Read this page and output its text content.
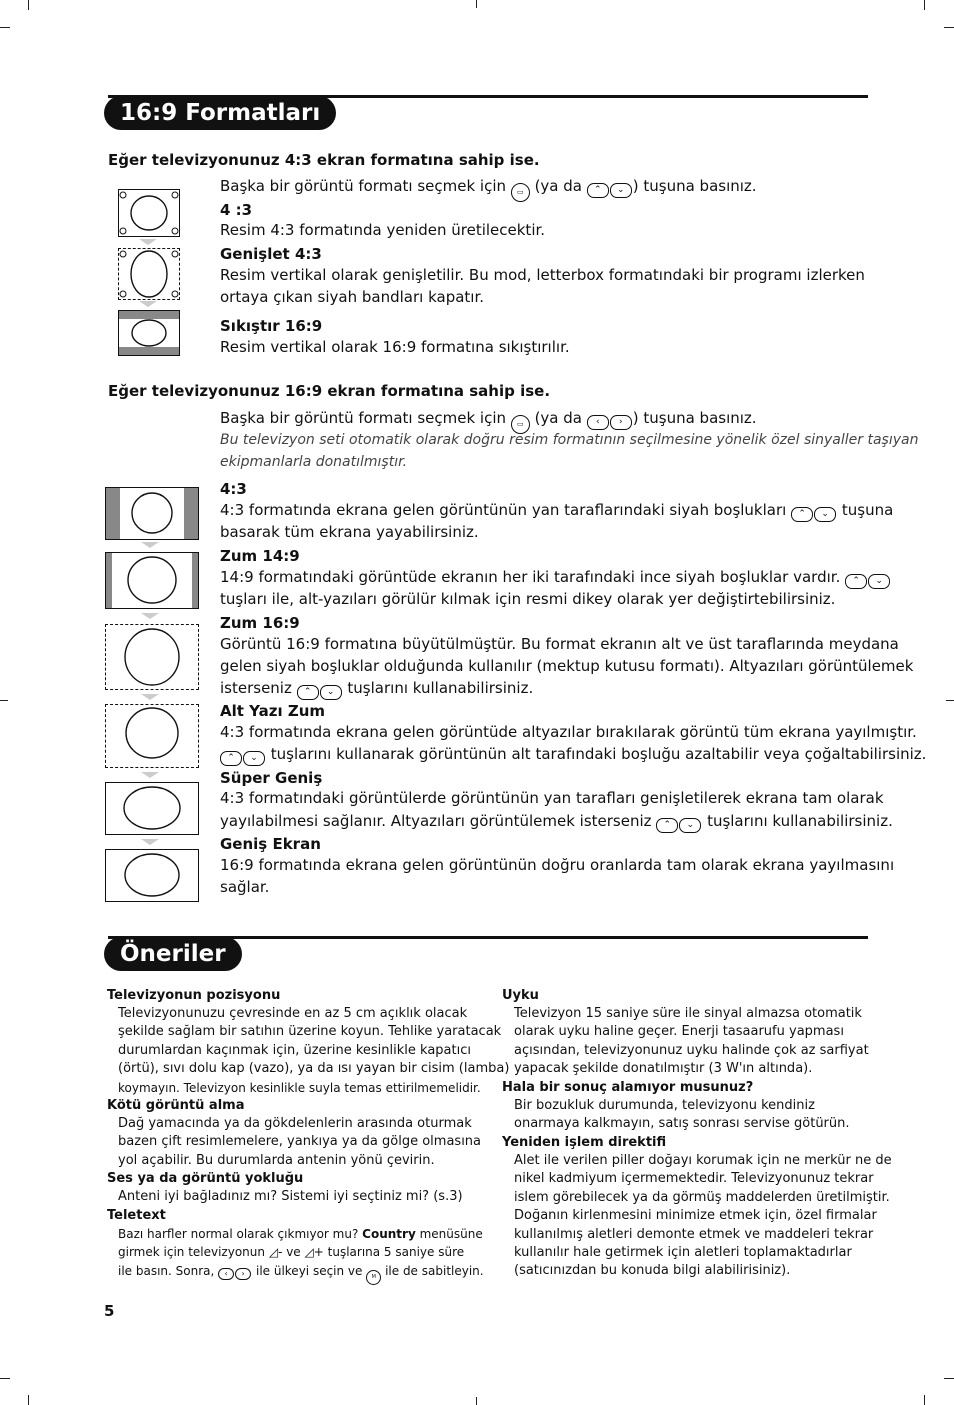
16:9 Formatları
Eğer televizyonunuz 4:3 ekran formatına sahip ise.
Başka bir görüntü formatı seçmek için ▭ (ya da ⌃ ⌄ ) tuşuna basınız.
4 :3
Resim 4:3 formatında yeniden üretilecektir.
Genişlet 4:3
Resim vertikal olarak genişletilir. Bu mod, letterbox formatındaki bir programı izlerken
ortaya çıkan siyah bandları kapatır.
Sıkıştır 16:9
Resim vertikal olarak 16:9 formatına sıkıştırılır.
Eğer televizyonunuz 16:9 ekran formatına sahip ise.
Başka bir görüntü formatı seçmek için ▭ (ya da ‹ › ) tuşuna basınız.
Bu televizyon seti otomatik olarak doğru resim formatının seçilmesine yönelik özel sinyaller taşıyan
ekipmanlarla donatılmıştır.
4:3
4:3 formatında ekrana gelen görüntünün yan taraflarındaki siyah boşlukları ⌃ ⌄ tuşuna
basarak tüm ekrana yayabilirsiniz.
Zum 14:9
14:9 formatındaki görüntüde ekranın her iki tarafındaki ince siyah boşluklar vardır. ⌃ ⌄
tuşları ile, alt-yazıları görülür kılmak için resmi dikey olarak yer değiştirtebilirsiniz.
Zum 16:9
Görüntü 16:9 formatına büyütülmüştür. Bu format ekranın alt ve üst taraflarında meydana
gelen siyah boşluklar olduğunda kullanılır (mektup kutusu formatı). Altyazıları görüntülemek
isterseniz ⌃ ⌄ tuşlarını kullanabilirsiniz.
Alt Yazı Zum
4:3 formatında ekrana gelen görüntüde altyazılar bırakılarak görüntü tüm ekrana yayılmıştır.
⌃ ⌄ tuşlarını kullanarak görüntünün alt tarafındaki boşluğu azaltabilir veya çoğaltabilirsiniz.
Süper Geniş
4:3 formatındaki görüntülerde görüntünün yan tarafları genişletilerek ekrana tam olarak
yayılabilmesi sağlanır. Altyazıları görüntülemek isterseniz ⌃ ⌄ tuşlarını kullanabilirsiniz.
Geniş Ekran
16:9 formatında ekrana gelen görüntünün doğru oranlarda tam olarak ekrana yayılmasını
sağlar.
Öneriler
Televizyonun pozisyonu
Televizyonunuzu çevresinde en az 5 cm açıklık olacak
şekilde sağlam bir satıhın üzerine koyun. Tehlike yaratacak
durumlardan kaçınmak için, üzerine kesinlikle kapatıcı
(örtü), sıvı dolu kap (vazo), ya da ısı yayan bir cisim (lamba)
koymayın. Televizyon kesinlikle suyla temas ettirilmemelidir.
Kötü görüntü alma
Dağ yamacında ya da gökdelenlerin arasında oturmak
bazen çift resimlemelere, yankıya ya da gölge olmasına
yol açabilir. Bu durumlarda antenin yönü çevirin.
Ses ya da görüntü yokluğu
Anteni iyi bağladınız mı? Sistemi iyi seçtiniz mi? (s.3)
Teletext
Bazı harfler normal olarak çıkmıyor mu? Country menüsüne
girmek için televizyonun ◿- ve ◿+ tuşlarına 5 saniye süre
ile basın. Sonra, ‹ › ile ülkeyi seçin ve M ile de sabitleyin.
Uyku
Televizyon 15 saniye süre ile sinyal almazsa otomatik
olarak uyku haline geçer. Enerji tasaarufu yapması
açısından, televizyonunuz uyku halinde çok az sarfiyat
yapacak şekilde donatılmıştır (3 W'ın altında).
Hala bir sonuç alamıyor musunuz?
Bir bozukluk durumunda, televizyonu kendiniz
onarmaya kalkmayın, satış sonrası servise götürün.
Yeniden işlem direktifi
Alet ile verilen piller doğayı korumak için ne merkür ne de
nikel kadmiyum içermemektedir. Televizyonunuz tekrar
islem görebilecek ya da görmüş maddelerden üretilmiştir.
Doğanın kirlenmesini minimize etmek için, özel firmalar
kullanılmış aletleri demonte etmek ve maddeleri tekrar
kullanılır hale getirmek için aletleri toplamaktadırlar
(satıcınızdan bu konuda bilgi alabilirisiniz).
5
